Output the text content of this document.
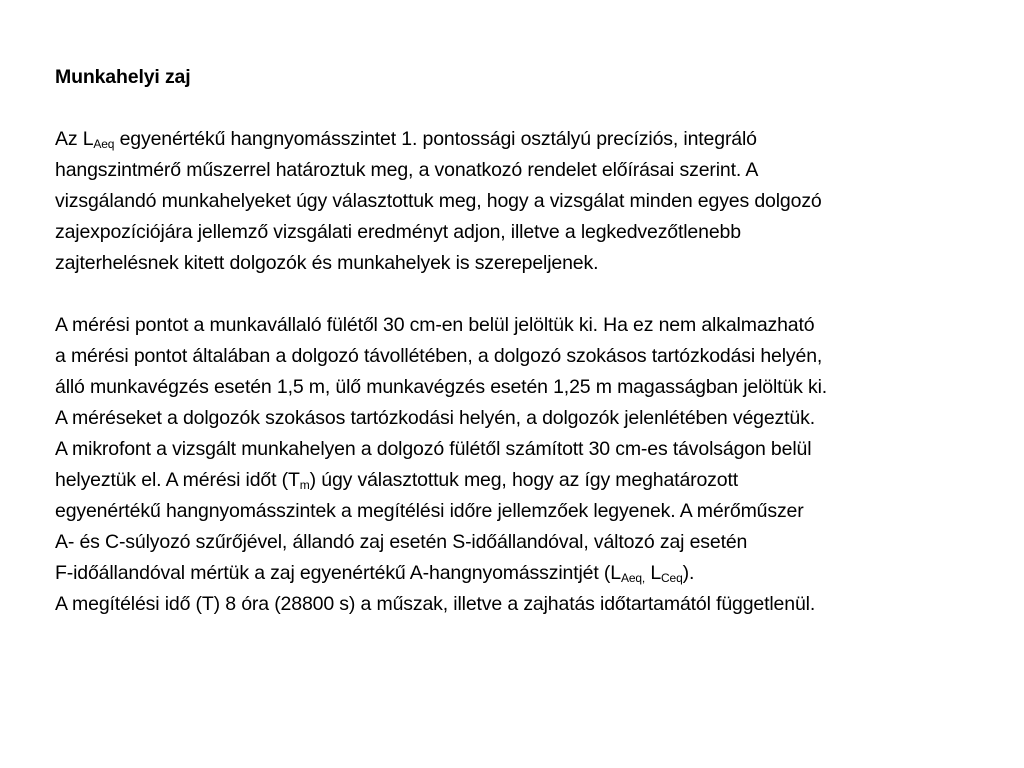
Munkahelyi zaj
Az $L_{Aeq}$ egyenértékű hangnyomásszintet 1. pontossági osztályú precíziós, integráló
hangszintmérő műszerrel határoztuk meg, a vonatkozó rendelet előírásai szerint. A
vizsgálandó munkahelyeket úgy választottuk meg, hogy a vizsgálat minden egyes dolgozó
zajexpozíciójára jellemző vizsgálati eredményt adjon, illetve a legkedvezőtlenebb
zajterhelésnek kitett dolgozók és munkahelyek is szerepeljenek.
A mérési pontot a munkavállaló fülétől 30 cm-en belül jelöltük ki. Ha ez nem alkalmazható
a mérési pontot általában a dolgozó távollétében, a dolgozó szokásos tartózkodási helyén,
álló munkavégzés esetén 1,5 m, ülő munkavégzés esetén 1,25 m magasságban jelöltük ki.
A méréseket a dolgozók szokásos tartózkodási helyén, a dolgozók jelenlétében végeztük.
A mikrofont a vizsgált munkahelyen a dolgozó fülétől számított 30 cm-es távolságon belül
helyeztük el. A mérési időt $(T_m)$ úgy választottuk meg, hogy az így meghatározott
egyenértékű hangnyomásszintek a megítélési időre jellemzőek legyenek. A mérőműszer
A- és C-súlyozó szűrőjével, állandó zaj esetén S-időállandóval, változó zaj esetén
F-időállandóval mértük a zaj egyenértékű A-hangnyomásszintjét ($L_{Aeq,}$ $L_{Ceq}$).
A megítélési idő (T) 8 óra (28800 s) a műszak, illetve a zajhatás időtartamától függetlenül.
